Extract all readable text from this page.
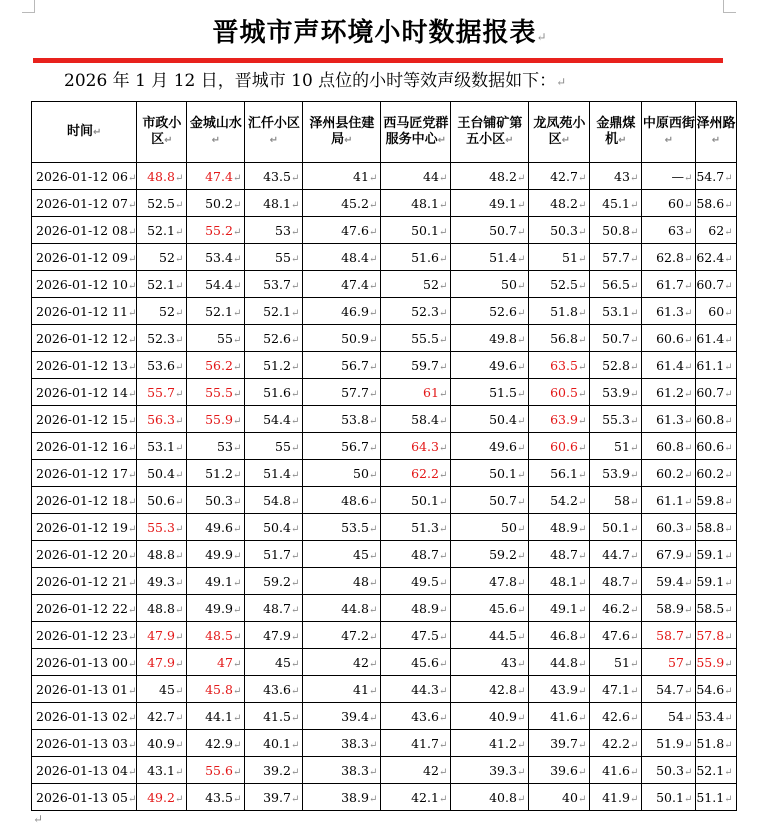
晋城市声环境小时数据报表↵
2026 年 1 月 12 日，晋城市 10 点位的小时等效声级数据如下：↵
时间↵	市政小区↵	金城山水↵	汇仟小区↵	泽州县住建局↵	西马匠党群服务中心↵	王台铺矿第五小区↵	龙凤苑小区↵	金鼎煤机↵	中原西街↵	泽州路↵
2026-01-12 06↵	48.8↵	47.4↵	43.5↵	41↵	44↵	48.2↵	42.7↵	43↵	—↵	54.7↵
2026-01-12 07↵	52.5↵	50.2↵	48.1↵	45.2↵	48.1↵	49.1↵	48.2↵	45.1↵	60↵	58.6↵
2026-01-12 08↵	52.1↵	55.2↵	53↵	47.6↵	50.1↵	50.7↵	50.3↵	50.8↵	63↵	62↵
2026-01-12 09↵	52↵	53.4↵	55↵	48.4↵	51.6↵	51.4↵	51↵	57.7↵	62.8↵	62.4↵
2026-01-12 10↵	52.1↵	54.4↵	53.7↵	47.4↵	52↵	50↵	52.5↵	56.5↵	61.7↵	60.7↵
2026-01-12 11↵	52↵	52.1↵	52.1↵	46.9↵	52.3↵	52.6↵	51.8↵	53.1↵	61.3↵	60↵
2026-01-12 12↵	52.3↵	55↵	52.6↵	50.9↵	55.5↵	49.8↵	56.8↵	50.7↵	60.6↵	61.4↵
2026-01-12 13↵	53.6↵	56.2↵	51.2↵	56.7↵	59.7↵	49.6↵	63.5↵	52.8↵	61.4↵	61.1↵
2026-01-12 14↵	55.7↵	55.5↵	51.6↵	57.7↵	61↵	51.5↵	60.5↵	53.9↵	61.2↵	60.7↵
2026-01-12 15↵	56.3↵	55.9↵	54.4↵	53.8↵	58.4↵	50.4↵	63.9↵	55.3↵	61.3↵	60.8↵
2026-01-12 16↵	53.1↵	53↵	55↵	56.7↵	64.3↵	49.6↵	60.6↵	51↵	60.8↵	60.6↵
2026-01-12 17↵	50.4↵	51.2↵	51.4↵	50↵	62.2↵	50.1↵	56.1↵	53.9↵	60.2↵	60.2↵
2026-01-12 18↵	50.6↵	50.3↵	54.8↵	48.6↵	50.1↵	50.7↵	54.2↵	58↵	61.1↵	59.8↵
2026-01-12 19↵	55.3↵	49.6↵	50.4↵	53.5↵	51.3↵	50↵	48.9↵	50.1↵	60.3↵	58.8↵
2026-01-12 20↵	48.8↵	49.9↵	51.7↵	45↵	48.7↵	59.2↵	48.7↵	44.7↵	67.9↵	59.1↵
2026-01-12 21↵	49.3↵	49.1↵	59.2↵	48↵	49.5↵	47.8↵	48.1↵	48.7↵	59.4↵	59.1↵
2026-01-12 22↵	48.8↵	49.9↵	48.7↵	44.8↵	48.9↵	45.6↵	49.1↵	46.2↵	58.9↵	58.5↵
2026-01-12 23↵	47.9↵	48.5↵	47.9↵	47.2↵	47.5↵	44.5↵	46.8↵	47.6↵	58.7↵	57.8↵
2026-01-13 00↵	47.9↵	47↵	45↵	42↵	45.6↵	43↵	44.8↵	51↵	57↵	55.9↵
2026-01-13 01↵	45↵	45.8↵	43.6↵	41↵	44.3↵	42.8↵	43.9↵	47.1↵	54.7↵	54.6↵
2026-01-13 02↵	42.7↵	44.1↵	41.5↵	39.4↵	43.6↵	40.9↵	41.6↵	42.6↵	54↵	53.4↵
2026-01-13 03↵	40.9↵	42.9↵	40.1↵	38.3↵	41.7↵	41.2↵	39.7↵	42.2↵	51.9↵	51.8↵
2026-01-13 04↵	43.1↵	55.6↵	39.2↵	38.3↵	42↵	39.3↵	39.6↵	41.6↵	50.3↵	52.1↵
2026-01-13 05↵	49.2↵	43.5↵	39.7↵	38.9↵	42.1↵	40.8↵	40↵	41.9↵	50.1↵	51.1↵
↵
